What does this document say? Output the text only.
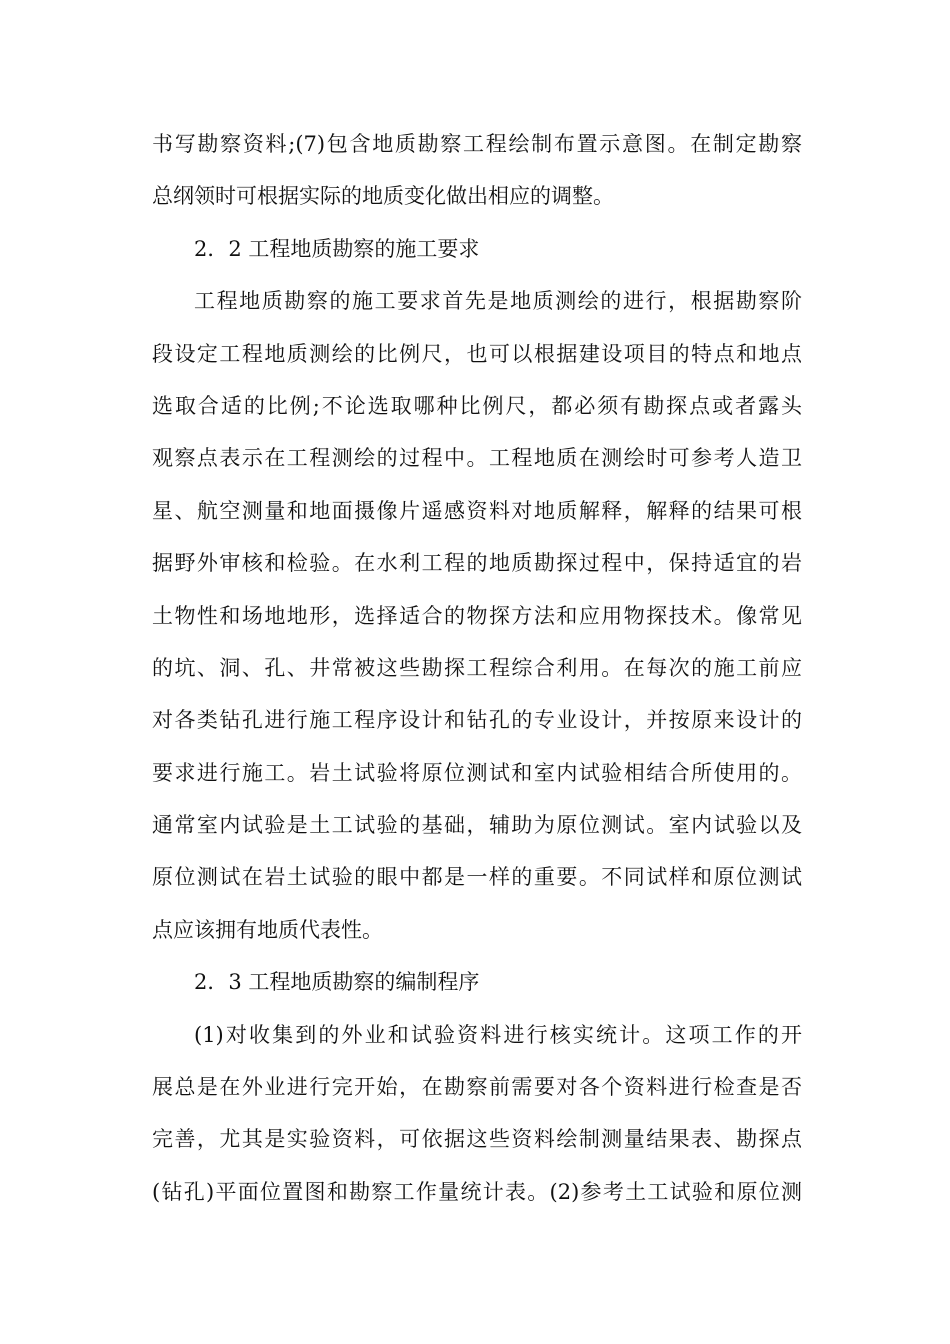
书写勘察资料;(7)包含地质勘察工程绘制布置示意图。在制定勘察
总纲领时可根据实际的地质变化做出相应的调整。
2．2 工程地质勘察的施工要求
工程地质勘察的施工要求首先是地质测绘的进行，根据勘察阶
段设定工程地质测绘的比例尺，也可以根据建设项目的特点和地点
选取合适的比例;不论选取哪种比例尺，都必须有勘探点或者露头
观察点表示在工程测绘的过程中。工程地质在测绘时可参考人造卫
星、航空测量和地面摄像片遥感资料对地质解释，解释的结果可根
据野外审核和检验。在水利工程的地质勘探过程中，保持适宜的岩
土物性和场地地形，选择适合的物探方法和应用物探技术。像常见
的坑、洞、孔、井常被这些勘探工程综合利用。在每次的施工前应
对各类钻孔进行施工程序设计和钻孔的专业设计，并按原来设计的
要求进行施工。岩土试验将原位测试和室内试验相结合所使用的。
通常室内试验是土工试验的基础，辅助为原位测试。室内试验以及
原位测试在岩土试验的眼中都是一样的重要。不同试样和原位测试
点应该拥有地质代表性。
2．3 工程地质勘察的编制程序
(1)对收集到的外业和试验资料进行核实统计。这项工作的开
展总是在外业进行完开始，在勘察前需要对各个资料进行检查是否
完善，尤其是实验资料，可依据这些资料绘制测量结果表、勘探点
(钻孔)平面位置图和勘察工作量统计表。(2)参考土工试验和原位测
